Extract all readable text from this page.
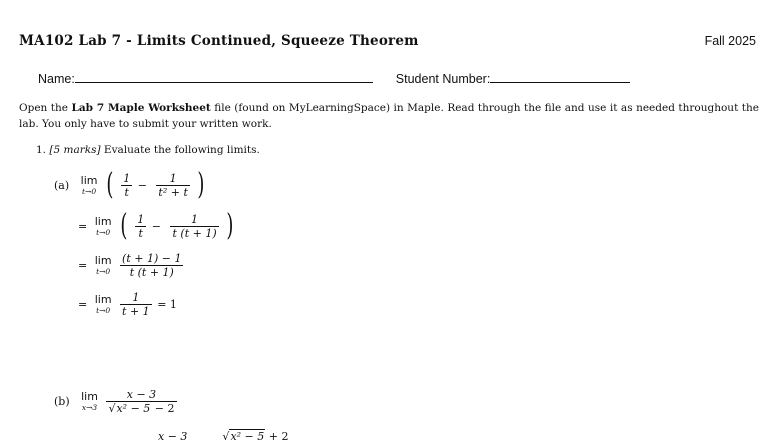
MA102 Lab 7 - Limits Continued, Squeeze Theorem	Fall 2025
Name:	Student Number:
Open the Lab 7 Maple Worksheet file (found on MyLearningSpace) in Maple. Read through the file and use it as needed throughout the lab. You only have to submit your written work.
1. [5 marks] Evaluate the following limits.
(a) lim
t→0 ( $\frac{1}{t} - \frac{1}{\text{t² + t}}$ )
= lim
t→0 ( $\frac{1}{t} - \frac{1}{t (t + 1)}$ )
= lim
t→0
$\frac{(t + 1) - 1}{t (t + 1)}$
= lim
t→0
$\frac{1}{t + 1} = 1$
(b) lim
x→3
$\frac{x - 3}{\text{√x² − 5 − 2}}$
x − 3	√x² − 5 + 2
